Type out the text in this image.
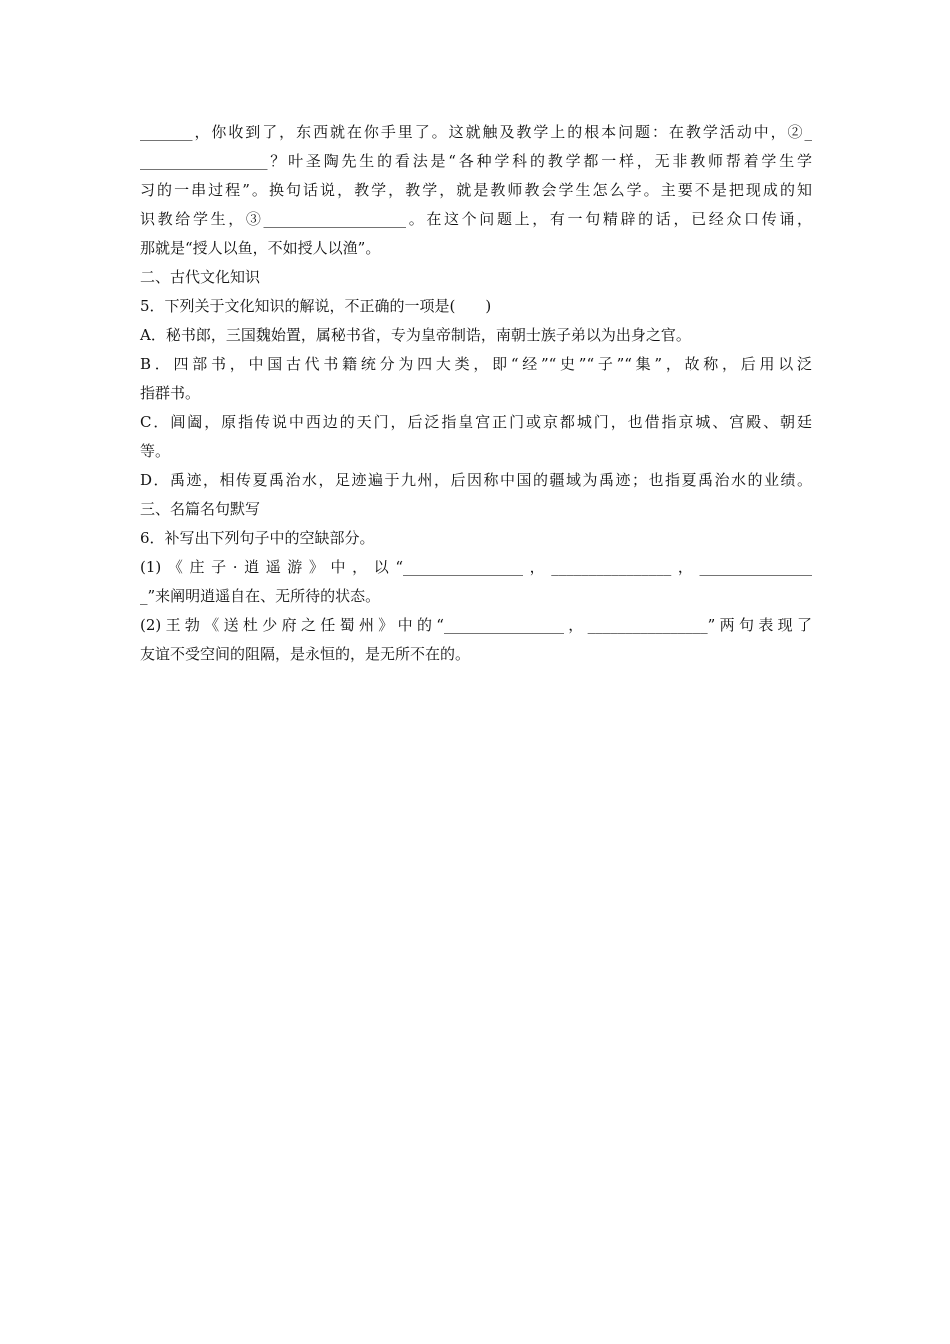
_______，你收到了，东西就在你手里了。这就触及教学上的根本问题：在教学活动中，②_
_________________？叶圣陶先生的看法是“各种学科的教学都一样，无非教师帮着学生学
习的一串过程”。换句话说，教学，教学，就是教师教会学生怎么学。主要不是把现成的知
识教给学生，③___________________。在这个问题上，有一句精辟的话，已经众口传诵，
那就是“授人以鱼，不如授人以渔”。
二、古代文化知识
5．下列关于文化知识的解说，不正确的一项是(　　)
A．秘书郎，三国魏始置，属秘书省，专为皇帝制诰，南朝士族子弟以为出身之官。
B．四部书，中国古代书籍统分为四大类，即“经”“史”“子”“集”，故称，后用以泛
指群书。
C．阊阖，原指传说中西边的天门，后泛指皇宫正门或京都城门，也借指京城、宫殿、朝廷
等。
D．禹迹，相传夏禹治水，足迹遍于九州，后因称中国的疆域为禹迹；也指夏禹治水的业绩。
三、名篇名句默写
6．补写出下列句子中的空缺部分。
(1)《庄子·逍遥游》中，以“________________，________________，_______________
_”来阐明逍遥自在、无所待的状态。
(2)王勃《送杜少府之任蜀州》中的“________________，________________”两句表现了
友谊不受空间的阻隔，是永恒的，是无所不在的。
